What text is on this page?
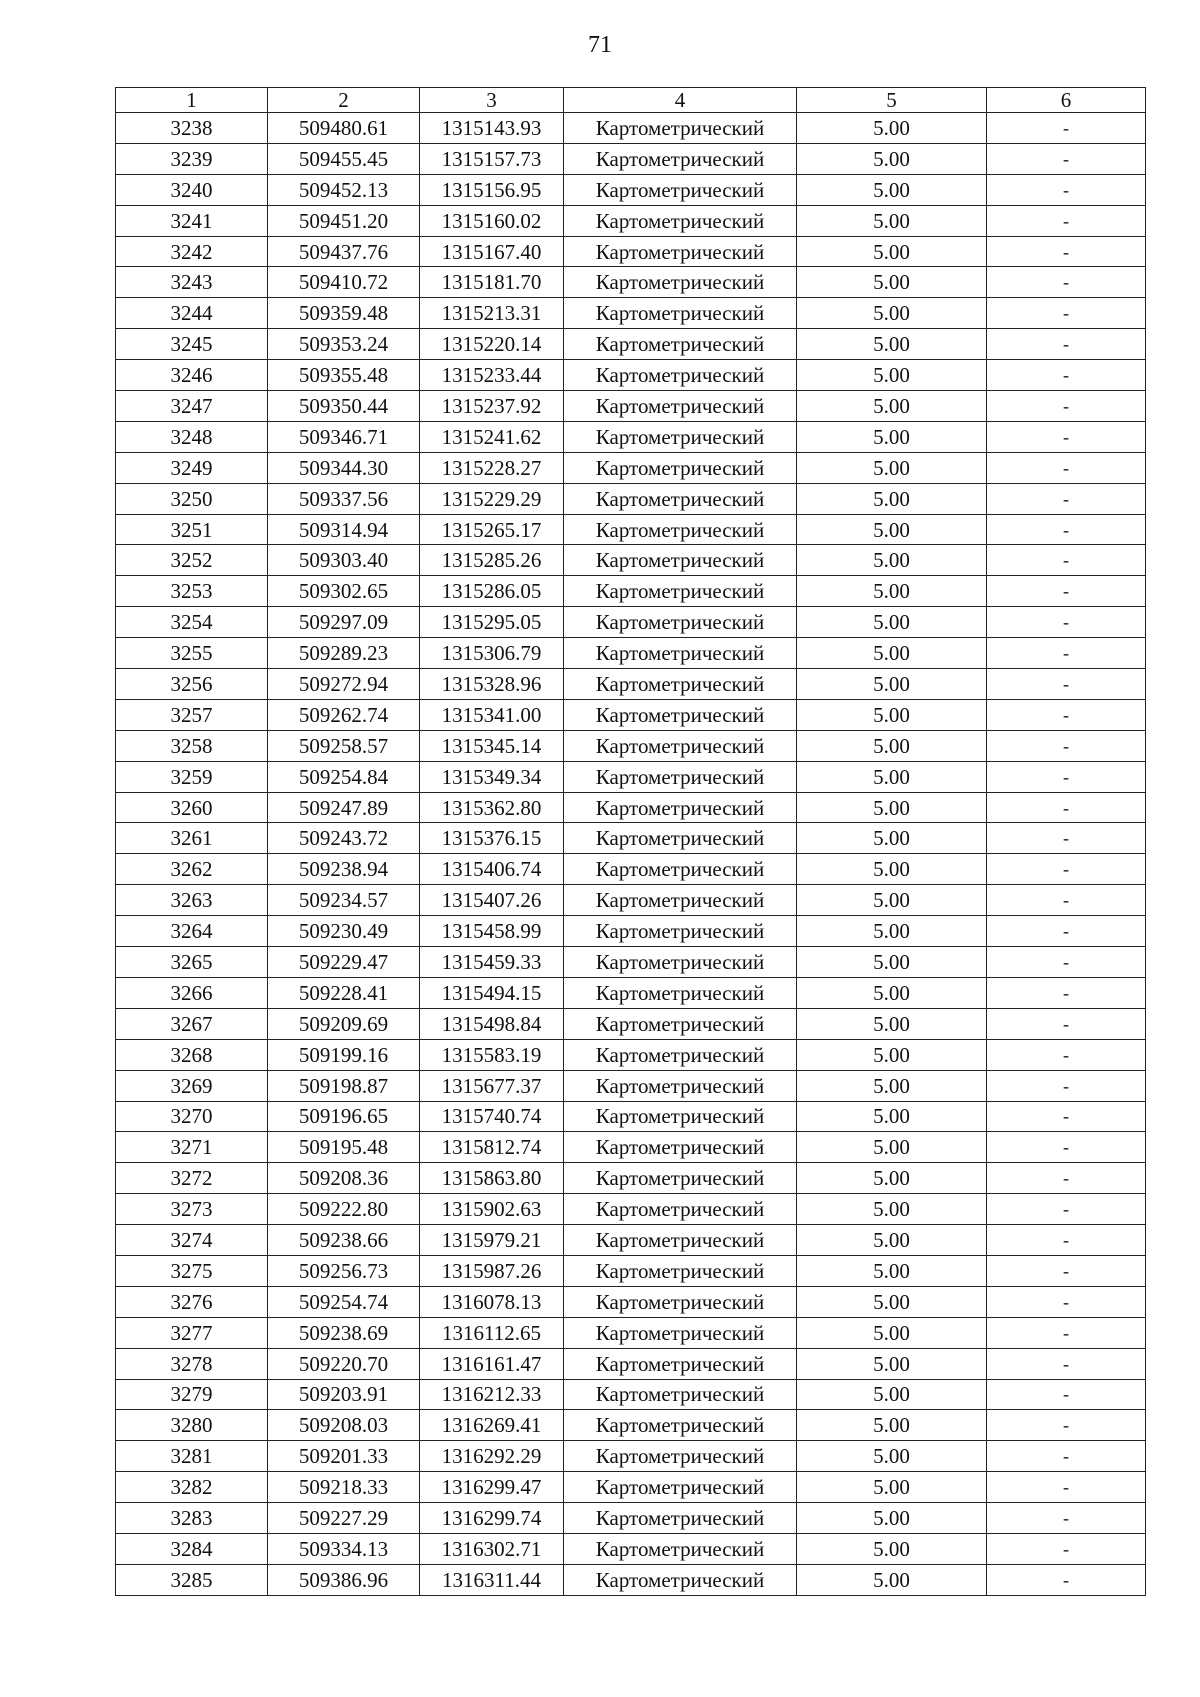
71
1	2	3	4	5	6
3238	509480.61	1315143.93	Картометрический	5.00	-
3239	509455.45	1315157.73	Картометрический	5.00	-
3240	509452.13	1315156.95	Картометрический	5.00	-
3241	509451.20	1315160.02	Картометрический	5.00	-
3242	509437.76	1315167.40	Картометрический	5.00	-
3243	509410.72	1315181.70	Картометрический	5.00	-
3244	509359.48	1315213.31	Картометрический	5.00	-
3245	509353.24	1315220.14	Картометрический	5.00	-
3246	509355.48	1315233.44	Картометрический	5.00	-
3247	509350.44	1315237.92	Картометрический	5.00	-
3248	509346.71	1315241.62	Картометрический	5.00	-
3249	509344.30	1315228.27	Картометрический	5.00	-
3250	509337.56	1315229.29	Картометрический	5.00	-
3251	509314.94	1315265.17	Картометрический	5.00	-
3252	509303.40	1315285.26	Картометрический	5.00	-
3253	509302.65	1315286.05	Картометрический	5.00	-
3254	509297.09	1315295.05	Картометрический	5.00	-
3255	509289.23	1315306.79	Картометрический	5.00	-
3256	509272.94	1315328.96	Картометрический	5.00	-
3257	509262.74	1315341.00	Картометрический	5.00	-
3258	509258.57	1315345.14	Картометрический	5.00	-
3259	509254.84	1315349.34	Картометрический	5.00	-
3260	509247.89	1315362.80	Картометрический	5.00	-
3261	509243.72	1315376.15	Картометрический	5.00	-
3262	509238.94	1315406.74	Картометрический	5.00	-
3263	509234.57	1315407.26	Картометрический	5.00	-
3264	509230.49	1315458.99	Картометрический	5.00	-
3265	509229.47	1315459.33	Картометрический	5.00	-
3266	509228.41	1315494.15	Картометрический	5.00	-
3267	509209.69	1315498.84	Картометрический	5.00	-
3268	509199.16	1315583.19	Картометрический	5.00	-
3269	509198.87	1315677.37	Картометрический	5.00	-
3270	509196.65	1315740.74	Картометрический	5.00	-
3271	509195.48	1315812.74	Картометрический	5.00	-
3272	509208.36	1315863.80	Картометрический	5.00	-
3273	509222.80	1315902.63	Картометрический	5.00	-
3274	509238.66	1315979.21	Картометрический	5.00	-
3275	509256.73	1315987.26	Картометрический	5.00	-
3276	509254.74	1316078.13	Картометрический	5.00	-
3277	509238.69	1316112.65	Картометрический	5.00	-
3278	509220.70	1316161.47	Картометрический	5.00	-
3279	509203.91	1316212.33	Картометрический	5.00	-
3280	509208.03	1316269.41	Картометрический	5.00	-
3281	509201.33	1316292.29	Картометрический	5.00	-
3282	509218.33	1316299.47	Картометрический	5.00	-
3283	509227.29	1316299.74	Картометрический	5.00	-
3284	509334.13	1316302.71	Картометрический	5.00	-
3285	509386.96	1316311.44	Картометрический	5.00	-
